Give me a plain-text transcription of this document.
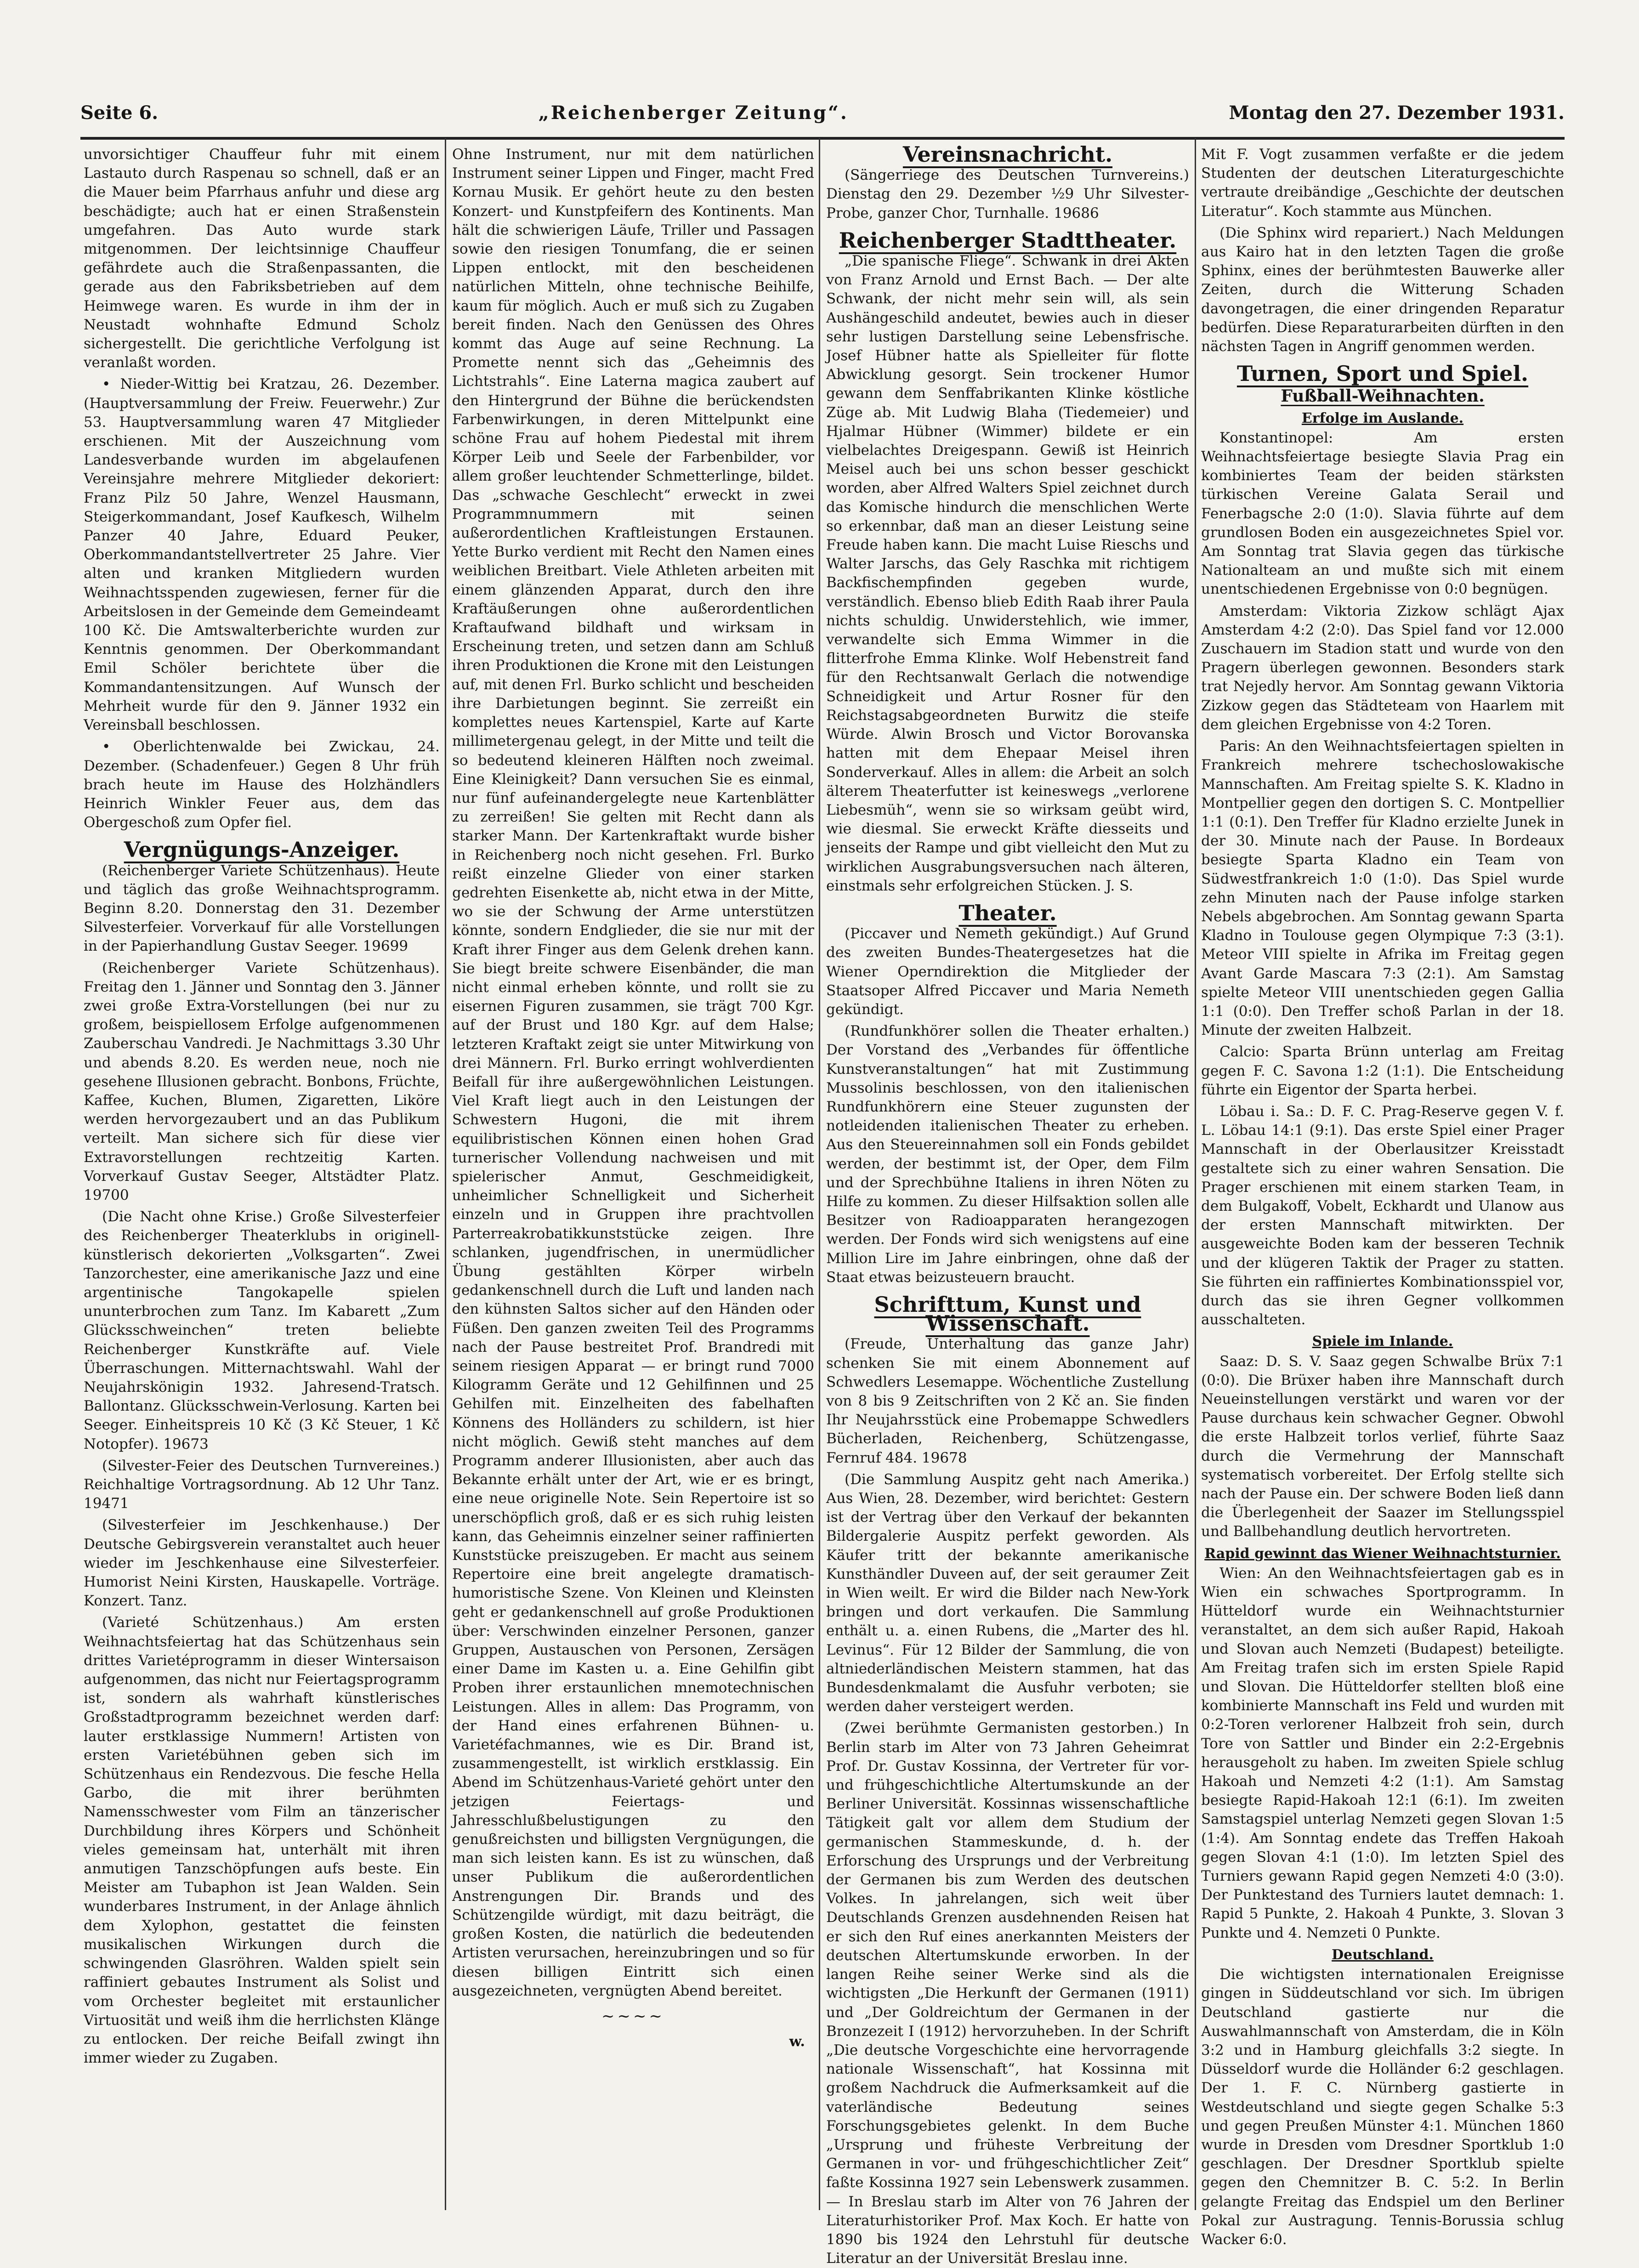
Seite 6.	„Reichenberger Zeitung“.	Montag den 27. Dezember 1931.

unvorsichtiger Chauffeur fuhr mit einem Lastauto durch Raspenau so schnell, daß er an die Mauer beim Pfarrhaus anfuhr und diese arg beschädigte; auch hat er einen Straßenstein umgefahren. Das Auto wurde stark mitgenommen. Der leichtsinnige Chauffeur gefährdete auch die Straßenpassanten, die gerade aus den Fabriksbetrieben auf dem Heimwege waren. Es wurde in ihm der in Neustadt wohnhafte Edmund Scholz sichergestellt. Die gerichtliche Verfolgung ist veranlaßt worden.

• Nieder-Wittig bei Kratzau, 26. Dezember. (Hauptversammlung der Freiw. Feuerwehr.) Zur 53. Hauptversammlung waren 47 Mitglieder erschienen. Mit der Auszeichnung vom Landesverbande wurden im abgelaufenen Vereinsjahre mehrere Mitglieder dekoriert: Franz Pilz 50 Jahre, Wenzel Hausmann, Steigerkommandant, Josef Kaufkesch, Wilhelm Panzer 40 Jahre, Eduard Peuker, Oberkommandantstellvertreter 25 Jahre. Vier alten und kranken Mitgliedern wurden Weihnachtsspenden zugewiesen, ferner für die Arbeitslosen in der Gemeinde dem Gemeindeamt 100 Kč. Die Amtswalterberichte wurden zur Kenntnis genommen. Der Oberkommandant Emil Schöler berichtete über die Kommandantensitzungen. Auf Wunsch der Mehrheit wurde für den 9. Jänner 1932 ein Vereinsball beschlossen.

• Oberlichtenwalde bei Zwickau, 24. Dezember. (Schadenfeuer.) Gegen 8 Uhr früh brach heute im Hause des Holzhändlers Heinrich Winkler Feuer aus, dem das Obergeschoß zum Opfer fiel.

Vergnügungs-Anzeiger.

(Reichenberger Variete Schützenhaus). Heute und täglich das große Weihnachtsprogramm. Beginn 8.20. Donnerstag den 31. Dezember Silvesterfeier. Vorverkauf für alle Vorstellungen in der Papierhandlung Gustav Seeger. 19699

(Reichenberger Variete Schützenhaus). Freitag den 1. Jänner und Sonntag den 3. Jänner zwei große Extra-Vorstellungen (bei nur zu großem, beispiellosem Erfolge aufgenommenen Zauberschau Vandredi. Je Nachmittags 3.30 Uhr und abends 8.20. Es werden neue, noch nie gesehene Illusionen gebracht. Bonbons, Früchte, Kaffee, Kuchen, Blumen, Zigaretten, Liköre werden hervorgezaubert und an das Publikum verteilt. Man sichere sich für diese vier Extravorstellungen rechtzeitig Karten. Vorverkauf Gustav Seeger, Altstädter Platz. 19700

(Die Nacht ohne Krise.) Große Silvesterfeier des Reichenberger Theaterklubs in originell-künstlerisch dekorierten „Volksgarten“. Zwei Tanzorchester, eine amerikanische Jazz und eine argentinische Tangokapelle spielen ununterbrochen zum Tanz. Im Kabarett „Zum Glücksschweinchen“ treten beliebte Reichenberger Kunstkräfte auf. Viele Überraschungen. Mitternachtswahl. Wahl der Neujahrskönigin 1932. Jahresend-Tratsch. Ballontanz. Glücksschwein-Verlosung. Karten bei Seeger. Einheitspreis 10 Kč (3 Kč Steuer, 1 Kč Notopfer). 19673

(Silvester-Feier des Deutschen Turnvereines.) Reichhaltige Vortragsordnung. Ab 12 Uhr Tanz. 19471

(Silvesterfeier im Jeschkenhause.) Der Deutsche Gebirgsverein veranstaltet auch heuer wieder im Jeschkenhause eine Silvesterfeier. Humorist Neini Kirsten, Hauskapelle. Vorträge. Konzert. Tanz.

(Varieté Schützenhaus.) Am ersten Weihnachtsfeiertag hat das Schützenhaus sein drittes Varietéprogramm in dieser Wintersaison aufgenommen, das nicht nur Feiertagsprogramm ist, sondern als wahrhaft künstlerisches Großstadtprogramm bezeichnet werden darf: lauter erstklassige Nummern! Artisten von ersten Varietébühnen geben sich im Schützenhaus ein Rendezvous. Die fesche Hella Garbo, die mit ihrer berühmten Namensschwester vom Film an tänzerischer Durchbildung ihres Körpers und Schönheit vieles gemeinsam hat, unterhält mit ihren anmutigen Tanzschöpfungen aufs beste. Ein Meister am Tubaphon ist Jean Walden. Sein wunderbares Instrument, in der Anlage ähnlich dem Xylophon, gestattet die feinsten musikalischen Wirkungen durch die schwingenden Glasröhren. Walden spielt sein raffiniert gebautes Instrument als Solist und vom Orchester begleitet mit erstaunlicher Virtuosität und weiß ihm die herrlichsten Klänge zu entlocken. Der reiche Beifall zwingt ihn immer wieder zu Zugaben.

Ohne Instrument, nur mit dem natürlichen Instrument seiner Lippen und Finger, macht Fred Kornau Musik. Er gehört heute zu den besten Konzert- und Kunstpfeifern des Kontinents. Man hält die schwierigen Läufe, Triller und Passagen sowie den riesigen Tonumfang, die er seinen Lippen entlockt, mit den bescheidenen natürlichen Mitteln, ohne technische Beihilfe, kaum für möglich. Auch er muß sich zu Zugaben bereit finden. Nach den Genüssen des Ohres kommt das Auge auf seine Rechnung. La Promette nennt sich das „Geheimnis des Lichtstrahls“. Eine Laterna magica zaubert auf den Hintergrund der Bühne die berückendsten Farbenwirkungen, in deren Mittelpunkt eine schöne Frau auf hohem Piedestal mit ihrem Körper Leib und Seele der Farbenbilder, vor allem großer leuchtender Schmetterlinge, bildet. Das „schwache Geschlecht“ erweckt in zwei Programmnummern mit seinen außerordentlichen Kraftleistungen Erstaunen. Yette Burko verdient mit Recht den Namen eines weiblichen Breitbart. Viele Athleten arbeiten mit einem glänzenden Apparat, durch den ihre Kraftäußerungen ohne außerordentlichen Kraftaufwand bildhaft und wirksam in Erscheinung treten, und setzen dann am Schluß ihren Produktionen die Krone mit den Leistungen auf, mit denen Frl. Burko schlicht und bescheiden ihre Darbietungen beginnt. Sie zerreißt ein komplettes neues Kartenspiel, Karte auf Karte millimetergenau gelegt, in der Mitte und teilt die so bedeutend kleineren Hälften noch zweimal. Eine Kleinigkeit? Dann versuchen Sie es einmal, nur fünf aufeinandergelegte neue Kartenblätter zu zerreißen! Sie gelten mit Recht dann als starker Mann. Der Kartenkraftakt wurde bisher in Reichenberg noch nicht gesehen. Frl. Burko reißt einzelne Glieder von einer starken gedrehten Eisenkette ab, nicht etwa in der Mitte, wo sie der Schwung der Arme unterstützen könnte, sondern Endglieder, die sie nur mit der Kraft ihrer Finger aus dem Gelenk drehen kann. Sie biegt breite schwere Eisenbänder, die man nicht einmal erheben könnte, und rollt sie zu eisernen Figuren zusammen, sie trägt 700 Kgr. auf der Brust und 180 Kgr. auf dem Halse; letzteren Kraftakt zeigt sie unter Mitwirkung von drei Männern. Frl. Burko erringt wohlverdienten Beifall für ihre außergewöhnlichen Leistungen. Viel Kraft liegt auch in den Leistungen der Schwestern Hugoni, die mit ihrem equilibristischen Können einen hohen Grad turnerischer Vollendung nachweisen und mit spielerischer Anmut, Geschmeidigkeit, unheimlicher Schnelligkeit und Sicherheit einzeln und in Gruppen ihre prachtvollen Parterreakrobatikkunststücke zeigen. Ihre schlanken, jugendfrischen, in unermüdlicher Übung gestählten Körper wirbeln gedankenschnell durch die Luft und landen nach den kühnsten Saltos sicher auf den Händen oder Füßen. Den ganzen zweiten Teil des Programms nach der Pause bestreitet Prof. Brandredi mit seinem riesigen Apparat — er bringt rund 7000 Kilogramm Geräte und 12 Gehilfinnen und 25 Gehilfen mit. Einzelheiten des fabelhaften Könnens des Holländers zu schildern, ist hier nicht möglich. Gewiß steht manches auf dem Programm anderer Illusionisten, aber auch das Bekannte erhält unter der Art, wie er es bringt, eine neue originelle Note. Sein Repertoire ist so unerschöpflich groß, daß er es sich ruhig leisten kann, das Geheimnis einzelner seiner raffinierten Kunststücke preiszugeben. Er macht aus seinem Repertoire eine breit angelegte dramatisch-humoristische Szene. Von Kleinen und Kleinsten geht er gedankenschnell auf große Produktionen über: Verschwinden einzelner Personen, ganzer Gruppen, Austauschen von Personen, Zersägen einer Dame im Kasten u. a. Eine Gehilfin gibt Proben ihrer erstaunlichen mnemotechnischen Leistungen. Alles in allem: Das Programm, von der Hand eines erfahrenen Bühnen- u. Varietéfachmannes, wie es Dir. Brand ist, zusammengestellt, ist wirklich erstklassig. Ein Abend im Schützenhaus-Varieté gehört unter den jetzigen Feiertags- und Jahresschlußbelustigungen zu den genußreichsten und billigsten Vergnügungen, die man sich leisten kann. Es ist zu wünschen, daß unser Publikum die außerordentlichen Anstrengungen Dir. Brands und des Schützengilde würdigt, mit dazu beiträgt, die großen Kosten, die natürlich die bedeutenden Artisten verursachen, hereinzubringen und so für diesen billigen Eintritt sich einen ausgezeichneten, vergnügten Abend bereitet.

~~~~
w.
Vereinsnachricht.

(Sängerriege des Deutschen Turnvereins.) Dienstag den 29. Dezember ½9 Uhr Silvester-Probe, ganzer Chor, Turnhalle. 19686

Reichenberger Stadttheater.

„Die spanische Fliege“. Schwank in drei Akten von Franz Arnold und Ernst Bach. — Der alte Schwank, der nicht mehr sein will, als sein Aushängeschild andeutet, bewies auch in dieser sehr lustigen Darstellung seine Lebensfrische. Josef Hübner hatte als Spielleiter für flotte Abwicklung gesorgt. Sein trockener Humor gewann dem Senffabrikanten Klinke köstliche Züge ab. Mit Ludwig Blaha (Tiedemeier) und Hjalmar Hübner (Wimmer) bildete er ein vielbelachtes Dreigespann. Gewiß ist Heinrich Meisel auch bei uns schon besser geschickt worden, aber Alfred Walters Spiel zeichnet durch das Komische hindurch die menschlichen Werte so erkennbar, daß man an dieser Leistung seine Freude haben kann. Die macht Luise Rieschs und Walter Jarschs, das Gely Raschka mit richtigem Backfischempfinden gegeben wurde, verständlich. Ebenso blieb Edith Raab ihrer Paula nichts schuldig. Unwiderstehlich, wie immer, verwandelte sich Emma Wimmer in die flitterfrohe Emma Klinke. Wolf Hebenstreit fand für den Rechtsanwalt Gerlach die notwendige Schneidigkeit und Artur Rosner für den Reichstagsabgeordneten Burwitz die steife Würde. Alwin Brosch und Victor Borovanska hatten mit dem Ehepaar Meisel ihren Sonderverkauf. Alles in allem: die Arbeit an solch älterem Theaterfutter ist keineswegs „verlorene Liebesmüh“, wenn sie so wirksam geübt wird, wie diesmal. Sie erweckt Kräfte diesseits und jenseits der Rampe und gibt vielleicht den Mut zu wirklichen Ausgrabungsversuchen nach älteren, einstmals sehr erfolgreichen Stücken. J. S.

Theater.

(Piccaver und Nemeth gekündigt.) Auf Grund des zweiten Bundes-Theatergesetzes hat die Wiener Operndirektion die Mitglieder der Staatsoper Alfred Piccaver und Maria Nemeth gekündigt.

(Rundfunkhörer sollen die Theater erhalten.) Der Vorstand des „Verbandes für öffentliche Kunstveranstaltungen“ hat mit Zustimmung Mussolinis beschlossen, von den italienischen Rundfunkhörern eine Steuer zugunsten der notleidenden italienischen Theater zu erheben. Aus den Steuereinnahmen soll ein Fonds gebildet werden, der bestimmt ist, der Oper, dem Film und der Sprechbühne Italiens in ihren Nöten zu Hilfe zu kommen. Zu dieser Hilfsaktion sollen alle Besitzer von Radioapparaten herangezogen werden. Der Fonds wird sich wenigstens auf eine Million Lire im Jahre einbringen, ohne daß der Staat etwas beizusteuern braucht.

Schrifttum, Kunst und Wissenschaft.

(Freude, Unterhaltung das ganze Jahr) schenken Sie mit einem Abonnement auf Schwedlers Lesemappe. Wöchentliche Zustellung von 8 bis 9 Zeitschriften von 2 Kč an. Sie finden Ihr Neujahrsstück eine Probemappe Schwedlers Bücherladen, Reichenberg, Schützengasse, Fernruf 484. 19678

(Die Sammlung Auspitz geht nach Amerika.) Aus Wien, 28. Dezember, wird berichtet: Gestern ist der Vertrag über den Verkauf der bekannten Bildergalerie Auspitz perfekt geworden. Als Käufer tritt der bekannte amerikanische Kunsthändler Duveen auf, der seit geraumer Zeit in Wien weilt. Er wird die Bilder nach New-York bringen und dort verkaufen. Die Sammlung enthält u. a. einen Rubens, die „Marter des hl. Levinus“. Für 12 Bilder der Sammlung, die von altniederländischen Meistern stammen, hat das Bundesdenkmalamt die Ausfuhr verboten; sie werden daher versteigert werden.

(Zwei berühmte Germanisten gestorben.) In Berlin starb im Alter von 73 Jahren Geheimrat Prof. Dr. Gustav Kossinna, der Vertreter für vor- und frühgeschichtliche Altertumskunde an der Berliner Universität. Kossinnas wissenschaftliche Tätigkeit galt vor allem dem Studium der germanischen Stammeskunde, d. h. der Erforschung des Ursprungs und der Verbreitung der Germanen bis zum Werden des deutschen Volkes. In jahrelangen, sich weit über Deutschlands Grenzen ausdehnenden Reisen hat er sich den Ruf eines anerkannten Meisters der deutschen Altertumskunde erworben. In der langen Reihe seiner Werke sind als die wichtigsten „Die Herkunft der Germanen (1911) und „Der Goldreichtum der Germanen in der Bronzezeit I (1912) hervorzuheben. In der Schrift „Die deutsche Vorgeschichte eine hervorragende nationale Wissenschaft“, hat Kossinna mit großem Nachdruck die Aufmerksamkeit auf die vaterländische Bedeutung seines Forschungsgebietes gelenkt. In dem Buche „Ursprung und früheste Verbreitung der Germanen in vor- und frühgeschichtlicher Zeit“ faßte Kossinna 1927 sein Lebenswerk zusammen. — In Breslau starb im Alter von 76 Jahren der Literaturhistoriker Prof. Max Koch. Er hatte von 1890 bis 1924 den Lehrstuhl für deutsche Literatur an der Universität Breslau inne.

Mit F. Vogt zusammen verfaßte er die jedem Studenten der deutschen Literaturgeschichte vertraute dreibändige „Geschichte der deutschen Literatur“. Koch stammte aus München.

(Die Sphinx wird repariert.) Nach Meldungen aus Kairo hat in den letzten Tagen die große Sphinx, eines der berühmtesten Bauwerke aller Zeiten, durch die Witterung Schaden davongetragen, die einer dringenden Reparatur bedürfen. Diese Reparaturarbeiten dürften in den nächsten Tagen in Angriff genommen werden.

Turnen, Sport und Spiel.
Fußball-Weihnachten.
Erfolge im Auslande.

Konstantinopel: Am ersten Weihnachtsfeiertage besiegte Slavia Prag ein kombiniertes Team der beiden stärksten türkischen Vereine Galata Serail und Fenerbagsche 2:0 (1:0). Slavia führte auf dem grundlosen Boden ein ausgezeichnetes Spiel vor. Am Sonntag trat Slavia gegen das türkische Nationalteam an und mußte sich mit einem unentschiedenen Ergebnisse von 0:0 begnügen.

Amsterdam: Viktoria Zizkow schlägt Ajax Amsterdam 4:2 (2:0). Das Spiel fand vor 12.000 Zuschauern im Stadion statt und wurde von den Pragern überlegen gewonnen. Besonders stark trat Nejedly hervor. Am Sonntag gewann Viktoria Zizkow gegen das Städteteam von Haarlem mit dem gleichen Ergebnisse von 4:2 Toren.

Paris: An den Weihnachtsfeiertagen spielten in Frankreich mehrere tschechoslowakische Mannschaften. Am Freitag spielte S. K. Kladno in Montpellier gegen den dortigen S. C. Montpellier 1:1 (0:1). Den Treffer für Kladno erzielte Junek in der 30. Minute nach der Pause. In Bordeaux besiegte Sparta Kladno ein Team von Südwestfrankreich 1:0 (1:0). Das Spiel wurde zehn Minuten nach der Pause infolge starken Nebels abgebrochen. Am Sonntag gewann Sparta Kladno in Toulouse gegen Olympique 7:3 (3:1). Meteor VIII spielte in Afrika im Freitag gegen Avant Garde Mascara 7:3 (2:1). Am Samstag spielte Meteor VIII unentschieden gegen Gallia 1:1 (0:0). Den Treffer schoß Parlan in der 18. Minute der zweiten Halbzeit.

Calcio: Sparta Brünn unterlag am Freitag gegen F. C. Savona 1:2 (1:1). Die Entscheidung führte ein Eigentor der Sparta herbei.

Löbau i. Sa.: D. F. C. Prag-Reserve gegen V. f. L. Löbau 14:1 (9:1). Das erste Spiel einer Prager Mannschaft in der Oberlausitzer Kreisstadt gestaltete sich zu einer wahren Sensation. Die Prager erschienen mit einem starken Team, in dem Bulgakoff, Vobelt, Eckhardt und Ulanow aus der ersten Mannschaft mitwirkten. Der ausgeweichte Boden kam der besseren Technik und der klügeren Taktik der Prager zu statten. Sie führten ein raffiniertes Kombinationsspiel vor, durch das sie ihren Gegner vollkommen ausschalteten.

Spiele im Inlande.

Saaz: D. S. V. Saaz gegen Schwalbe Brüx 7:1 (0:0). Die Brüxer haben ihre Mannschaft durch Neueinstellungen verstärkt und waren vor der Pause durchaus kein schwacher Gegner. Obwohl die erste Halbzeit torlos verlief, führte Saaz durch die Vermehrung der Mannschaft systematisch vorbereitet. Der Erfolg stellte sich nach der Pause ein. Der schwere Boden ließ dann die Überlegenheit der Saazer im Stellungsspiel und Ballbehandlung deutlich hervortreten.

Rapid gewinnt das Wiener Weihnachtsturnier.

Wien: An den Weihnachtsfeiertagen gab es in Wien ein schwaches Sportprogramm. In Hütteldorf wurde ein Weihnachtsturnier veranstaltet, an dem sich außer Rapid, Hakoah und Slovan auch Nemzeti (Budapest) beteiligte. Am Freitag trafen sich im ersten Spiele Rapid und Slovan. Die Hütteldorfer stellten bloß eine kombinierte Mannschaft ins Feld und wurden mit 0:2-Toren verlorener Halbzeit froh sein, durch Tore von Sattler und Binder ein 2:2-Ergebnis herausgeholt zu haben. Im zweiten Spiele schlug Hakoah und Nemzeti 4:2 (1:1). Am Samstag besiegte Rapid-Hakoah 12:1 (6:1). Im zweiten Samstagspiel unterlag Nemzeti gegen Slovan 1:5 (1:4). Am Sonntag endete das Treffen Hakoah gegen Slovan 4:1 (1:0). Im letzten Spiel des Turniers gewann Rapid gegen Nemzeti 4:0 (3:0). Der Punktestand des Turniers lautet demnach: 1. Rapid 5 Punkte, 2. Hakoah 4 Punkte, 3. Slovan 3 Punkte und 4. Nemzeti 0 Punkte.

Deutschland.

Die wichtigsten internationalen Ereignisse gingen in Süddeutschland vor sich. Im übrigen Deutschland gastierte nur die Auswahlmannschaft von Amsterdam, die in Köln 3:2 und in Hamburg gleichfalls 3:2 siegte. In Düsseldorf wurde die Holländer 6:2 geschlagen. Der 1. F. C. Nürnberg gastierte in Westdeutschland und siegte gegen Schalke 5:3 und gegen Preußen Münster 4:1. München 1860 wurde in Dresden vom Dresdner Sportklub 1:0 geschlagen. Der Dresdner Sportklub spielte gegen den Chemnitzer B. C. 5:2. In Berlin gelangte Freitag das Endspiel um den Berliner Pokal zur Austragung. Tennis-Borussia schlug Wacker 6:0.
